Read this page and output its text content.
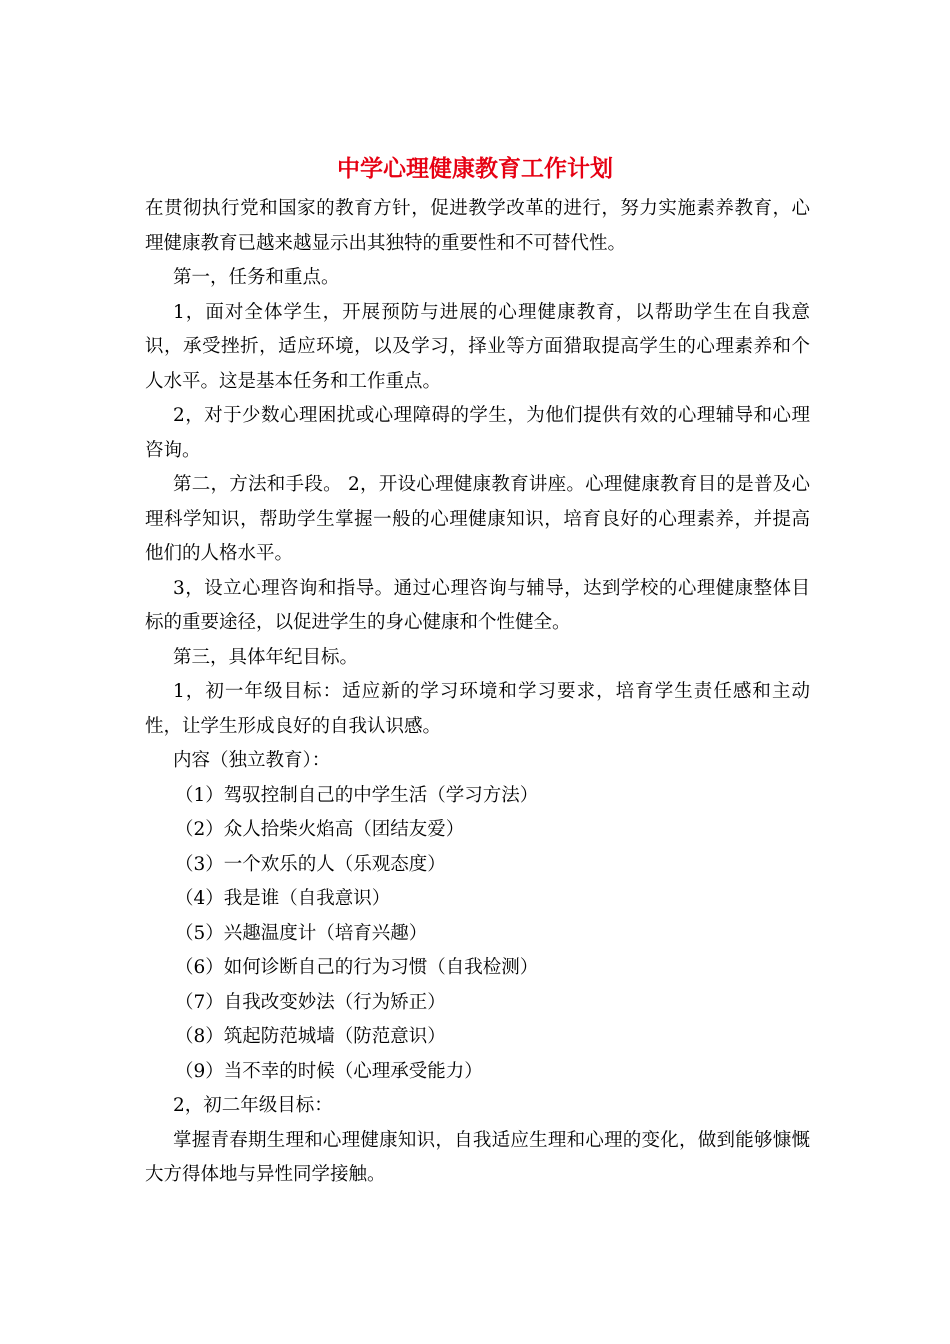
中学心理健康教育工作计划

在贯彻执行党和国家的教育方针，促进教学改革的进行，努力实施素养教育，心理健康教育已越来越显示出其独特的重要性和不可替代性。

第一，任务和重点。

1，面对全体学生，开展预防与进展的心理健康教育，以帮助学生在自我意识，承受挫折，适应环境，以及学习，择业等方面猎取提高学生的心理素养和个人水平。这是基本任务和工作重点。

2，对于少数心理困扰或心理障碍的学生，为他们提供有效的心理辅导和心理咨询。

第二，方法和手段。 2，开设心理健康教育讲座。心理健康教育目的是普及心理科学知识，帮助学生掌握一般的心理健康知识，培育良好的心理素养，并提高他们的人格水平。

3，设立心理咨询和指导。通过心理咨询与辅导，达到学校的心理健康整体目标的重要途径，以促进学生的身心健康和个性健全。

第三，具体年纪目标。

1，初一年级目标：适应新的学习环境和学习要求，培育学生责任感和主动性，让学生形成良好的自我认识感。

内容（独立教育）：

（1）驾驭控制自己的中学生活（学习方法）

（2）众人拾柴火焰高（团结友爱）

（3）一个欢乐的人（乐观态度）

（4）我是谁（自我意识）

（5）兴趣温度计（培育兴趣）

（6）如何诊断自己的行为习惯（自我检测）

（7）自我改变妙法（行为矫正）

（8）筑起防范城墙（防范意识）

（9）当不幸的时候（心理承受能力）

2，初二年级目标：

掌握青春期生理和心理健康知识，自我适应生理和心理的变化，做到能够慷慨大方得体地与异性同学接触。
